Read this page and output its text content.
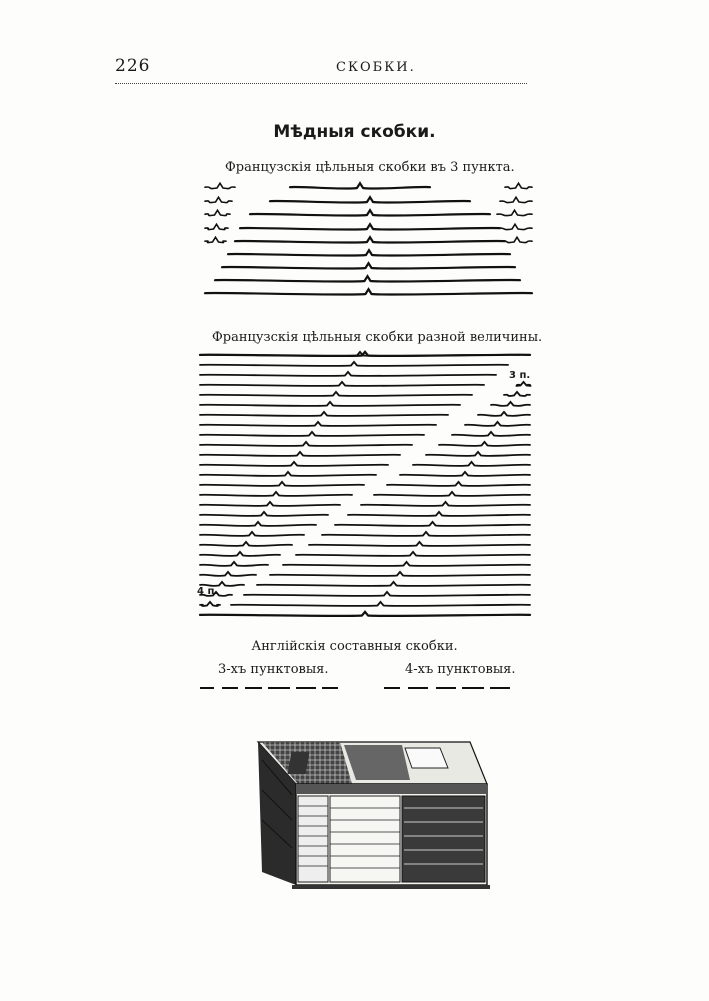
226	СКОБКИ.
Мѣдныя скобки.
Французскія цѣльныя скобки въ 3 пункта.
Французскія цѣльныя скобки разной величины.
3 п.
4 п.
Англійскія составныя скобки.
3-хъ пунктовыя.	4-хъ пунктовыя.
